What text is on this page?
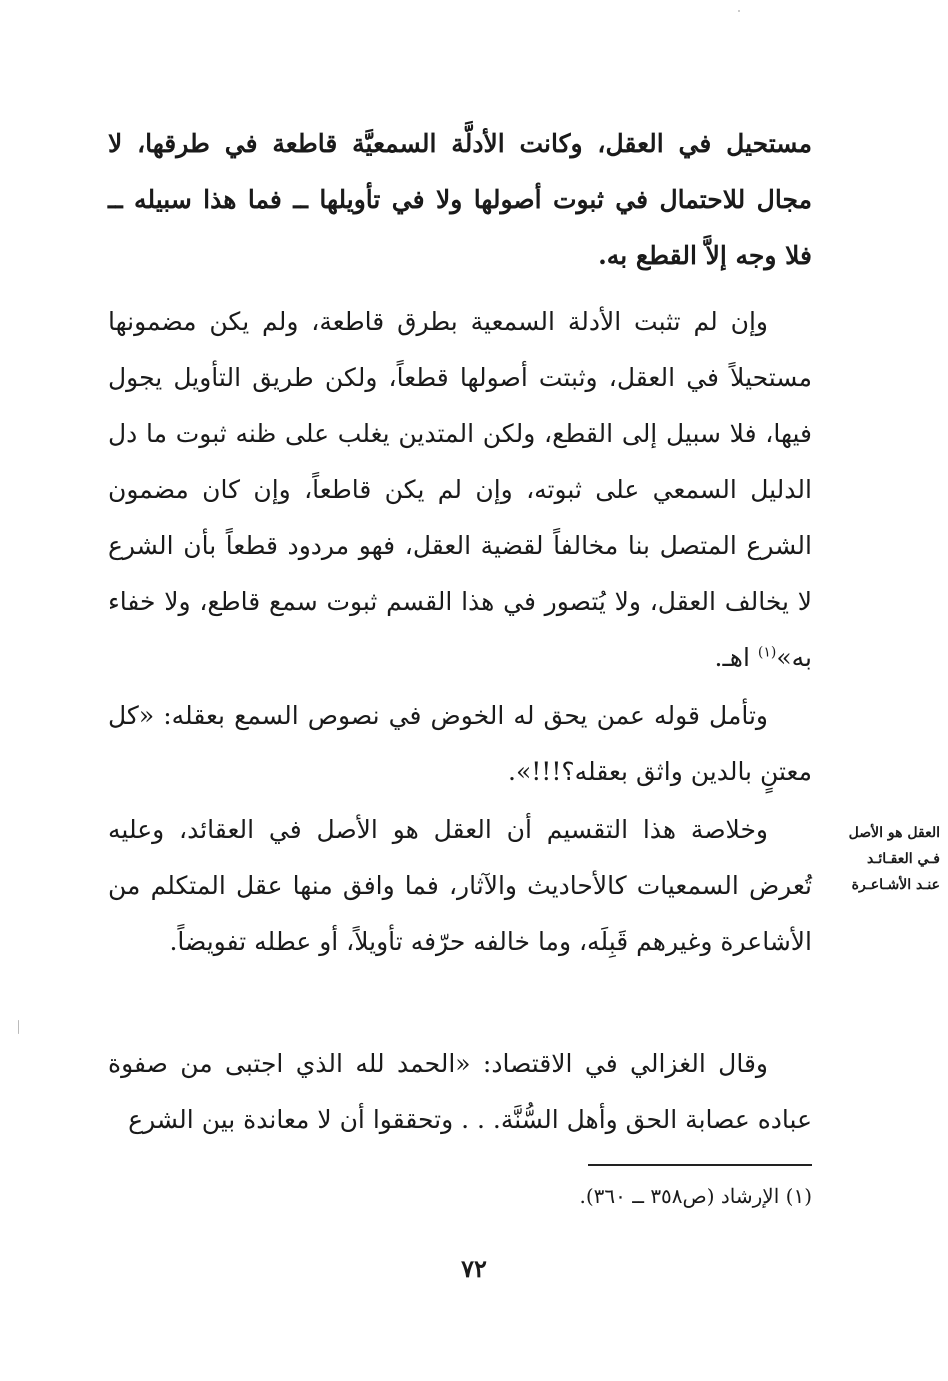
مستحيل في العقل، وكانت الأدلَّة السمعيَّة قاطعة في طرقها، لا مجال للاحتمال في ثبوت أصولها ولا في تأويلها ــ فما هذا سبيله ــ فلا وجه إلاَّ القطع به.

وإن لم تثبت الأدلة السمعية بطرق قاطعة، ولم يكن مضمونها مستحيلاً في العقل، وثبتت أصولها قطعاً، ولكن طريق التأويل يجول فيها، فلا سبيل إلى القطع، ولكن المتدين يغلب على ظنه ثبوت ما دل الدليل السمعي على ثبوته، وإن لم يكن قاطعاً، وإن كان مضمون الشرع المتصل بنا مخالفاً لقضية العقل، فهو مردود قطعاً بأن الشرع لا يخالف العقل، ولا يُتصور في هذا القسم ثبوت سمع قاطع، ولا خفاء به»$^{(١)}$ اهـ.

وتأمل قوله عمن يحق له الخوض في نصوص السمع بعقله: «كل معتنٍ بالدين واثق بعقله؟!!!».

العقل هو الأصل
فـي العقـائـد
عنـد الأشـاعـرة

وخلاصة هذا التقسيم أن العقل هو الأصل في العقائد، وعليه تُعرض السمعيات كالأحاديث والآثار، فما وافق منها عقل المتكلم من الأشاعرة وغيرهم قَبِلَه، وما خالفه حرّفه تأويلاً، أو عطله تفويضاً.

وقال الغزالي في الاقتصاد: «الحمد لله الذي اجتبى من صفوة عباده عصابة الحق وأهل السُّنَّة. . . وتحققوا أن لا معاندة بين الشرع

(١) الإرشاد (ص٣٥٨ ــ ٣٦٠).
٧٢
